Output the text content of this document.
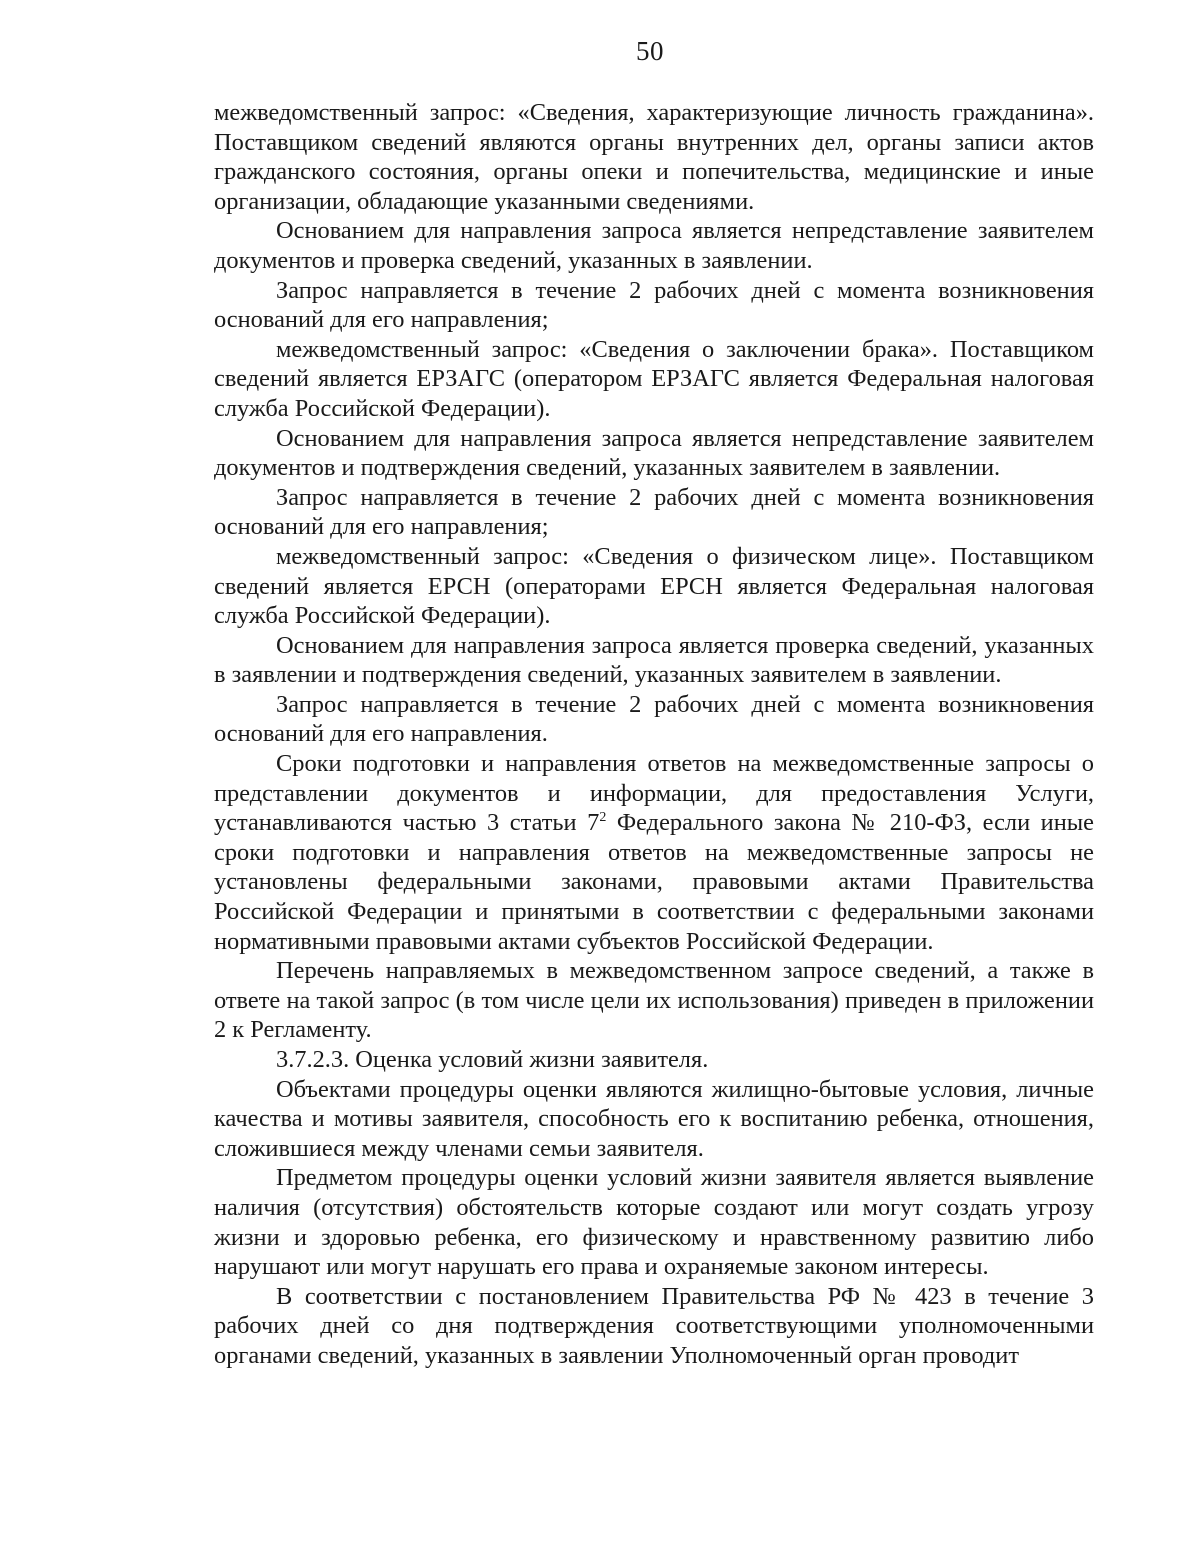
50

межведомственный запрос: «Сведения, характеризующие личность гражданина». Поставщиком сведений являются органы внутренних дел, органы записи актов гражданского состояния, органы опеки и попечительства, медицинские и иные организации, обладающие указанными сведениями.

Основанием для направления запроса является непредставление заявителем документов и проверка сведений, указанных в заявлении.

Запрос направляется в течение 2 рабочих дней с момента возникновения оснований для его направления;

межведомственный запрос: «Сведения о заключении брака». Поставщиком сведений является ЕРЗАГС (оператором ЕРЗАГС является Федеральная налоговая служба Российской Федерации).

Основанием для направления запроса является непредставление заявителем документов и подтверждения сведений, указанных заявителем в заявлении.

Запрос направляется в течение 2 рабочих дней с момента возникновения оснований для его направления;

межведомственный запрос: «Сведения о физическом лице». Поставщиком сведений является ЕРСН (операторами ЕРСН является Федеральная налоговая служба Российской Федерации).

Основанием для направления запроса является проверка сведений, указанных в заявлении и подтверждения сведений, указанных заявителем в заявлении.

Запрос направляется в течение 2 рабочих дней с момента возникновения оснований для его направления.

Сроки подготовки и направления ответов на межведомственные запросы о представлении документов и информации, для предоставления Услуги, устанавливаются частью 3 статьи $7^2$ Федерального закона № 210-ФЗ, если иные сроки подготовки и направления ответов на межведомственные запросы не установлены федеральными законами, правовыми актами Правительства Российской Федерации и принятыми в соответствии с федеральными законами нормативными правовыми актами субъектов Российской Федерации.

Перечень направляемых в межведомственном запросе сведений, а также в ответе на такой запрос (в том числе цели их использования) приведен в приложении 2 к Регламенту.

3.7.2.3. Оценка условий жизни заявителя.

Объектами процедуры оценки являются жилищно-бытовые условия, личные качества и мотивы заявителя, способность его к воспитанию ребенка, отношения, сложившиеся между членами семьи заявителя.

Предметом процедуры оценки условий жизни заявителя является выявление наличия (отсутствия) обстоятельств которые создают или могут создать угрозу жизни и здоровью ребенка, его физическому и нравственному развитию либо нарушают или могут нарушать его права и охраняемые законом интересы.

В соответствии с постановлением Правительства РФ № 423 в течение 3 рабочих дней со дня подтверждения соответствующими уполномоченными органами сведений, указанных в заявлении Уполномоченный орган проводит
